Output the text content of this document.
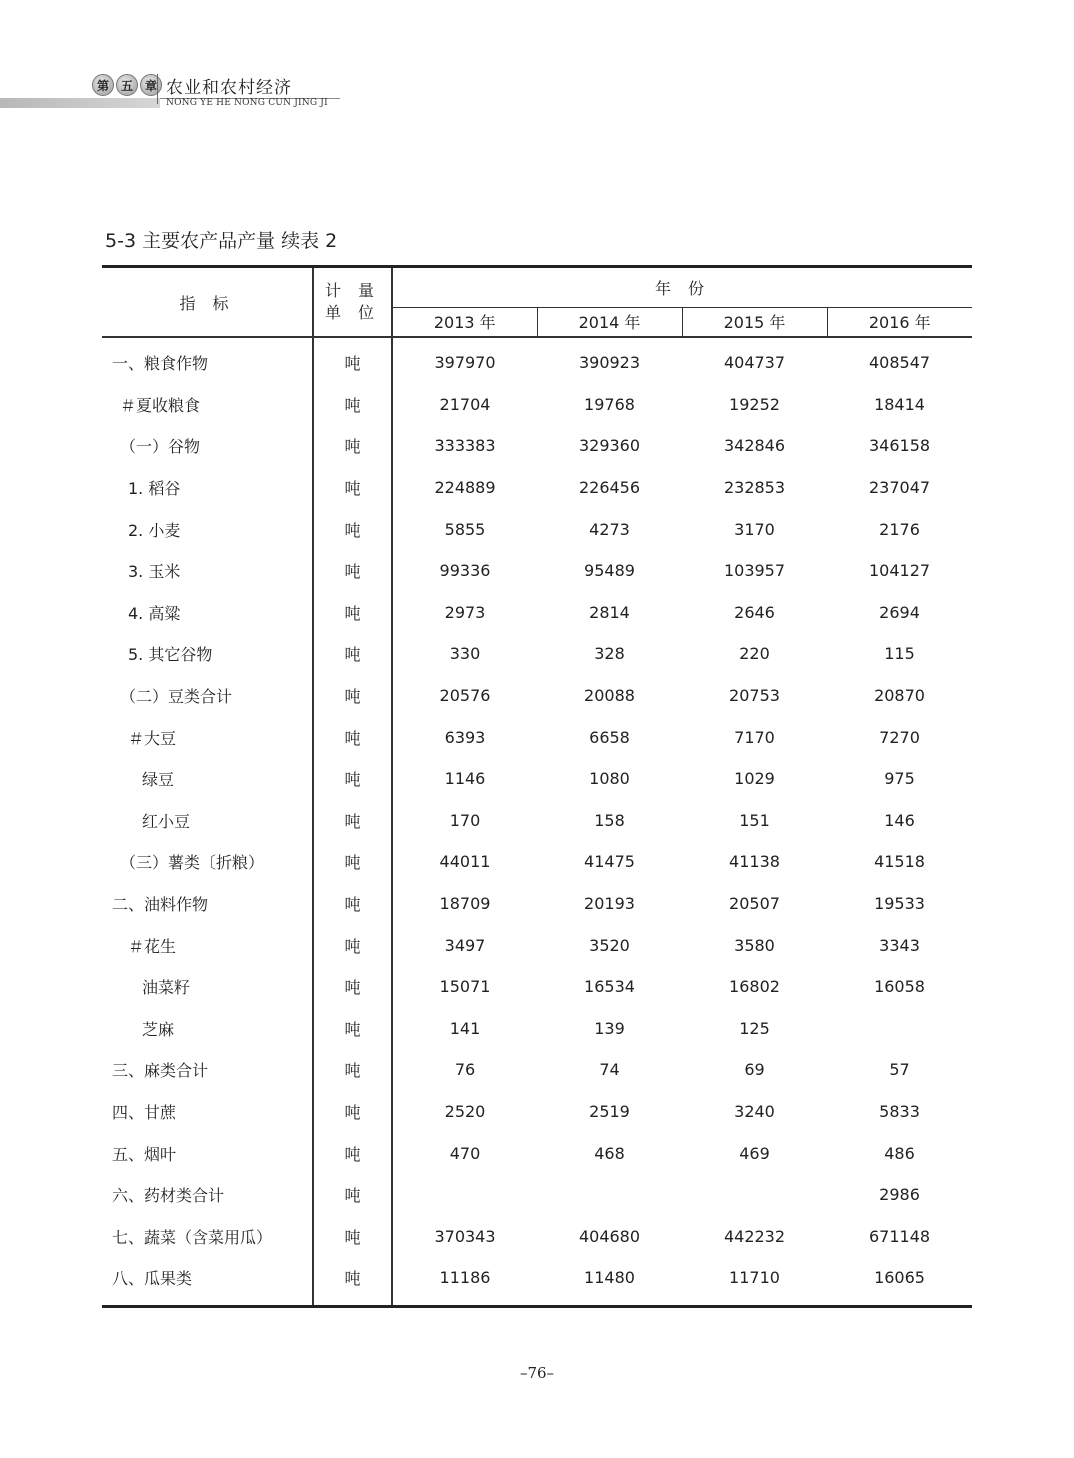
第 五 章 农业和农村经济
NONG YE HE NONG CUN JING JI
5-3 主要农产品产量 续表 2
指 标	计 量
单 位	年 份			
		2013 年	2014 年	2015 年	2016 年
一、粮食作物	吨	397970	390923	404737	408547
＃夏收粮食	吨	21704	19768	19252	18414
（一）谷物	吨	333383	329360	342846	346158
1. 稻谷	吨	224889	226456	232853	237047
2. 小麦	吨	5855	4273	3170	2176
3. 玉米	吨	99336	95489	103957	104127
4. 高粱	吨	2973	2814	2646	2694
5. 其它谷物	吨	330	328	220	115
（二）豆类合计	吨	20576	20088	20753	20870
＃大豆	吨	6393	6658	7170	7270
绿豆	吨	1146	1080	1029	975
红小豆	吨	170	158	151	146
（三）薯类〔折粮）	吨	44011	41475	41138	41518
二、油料作物	吨	18709	20193	20507	19533
＃花生	吨	3497	3520	3580	3343
油菜籽	吨	15071	16534	16802	16058
芝麻	吨	141	139	125	
三、麻类合计	吨	76	74	69	57
四、甘蔗	吨	2520	2519	3240	5833
五、烟叶	吨	470	468	469	486
六、药材类合计	吨				2986
七、蔬菜（含菜用瓜）	吨	370343	404680	442232	671148
八、瓜果类	吨	11186	11480	11710	16065
–76–
